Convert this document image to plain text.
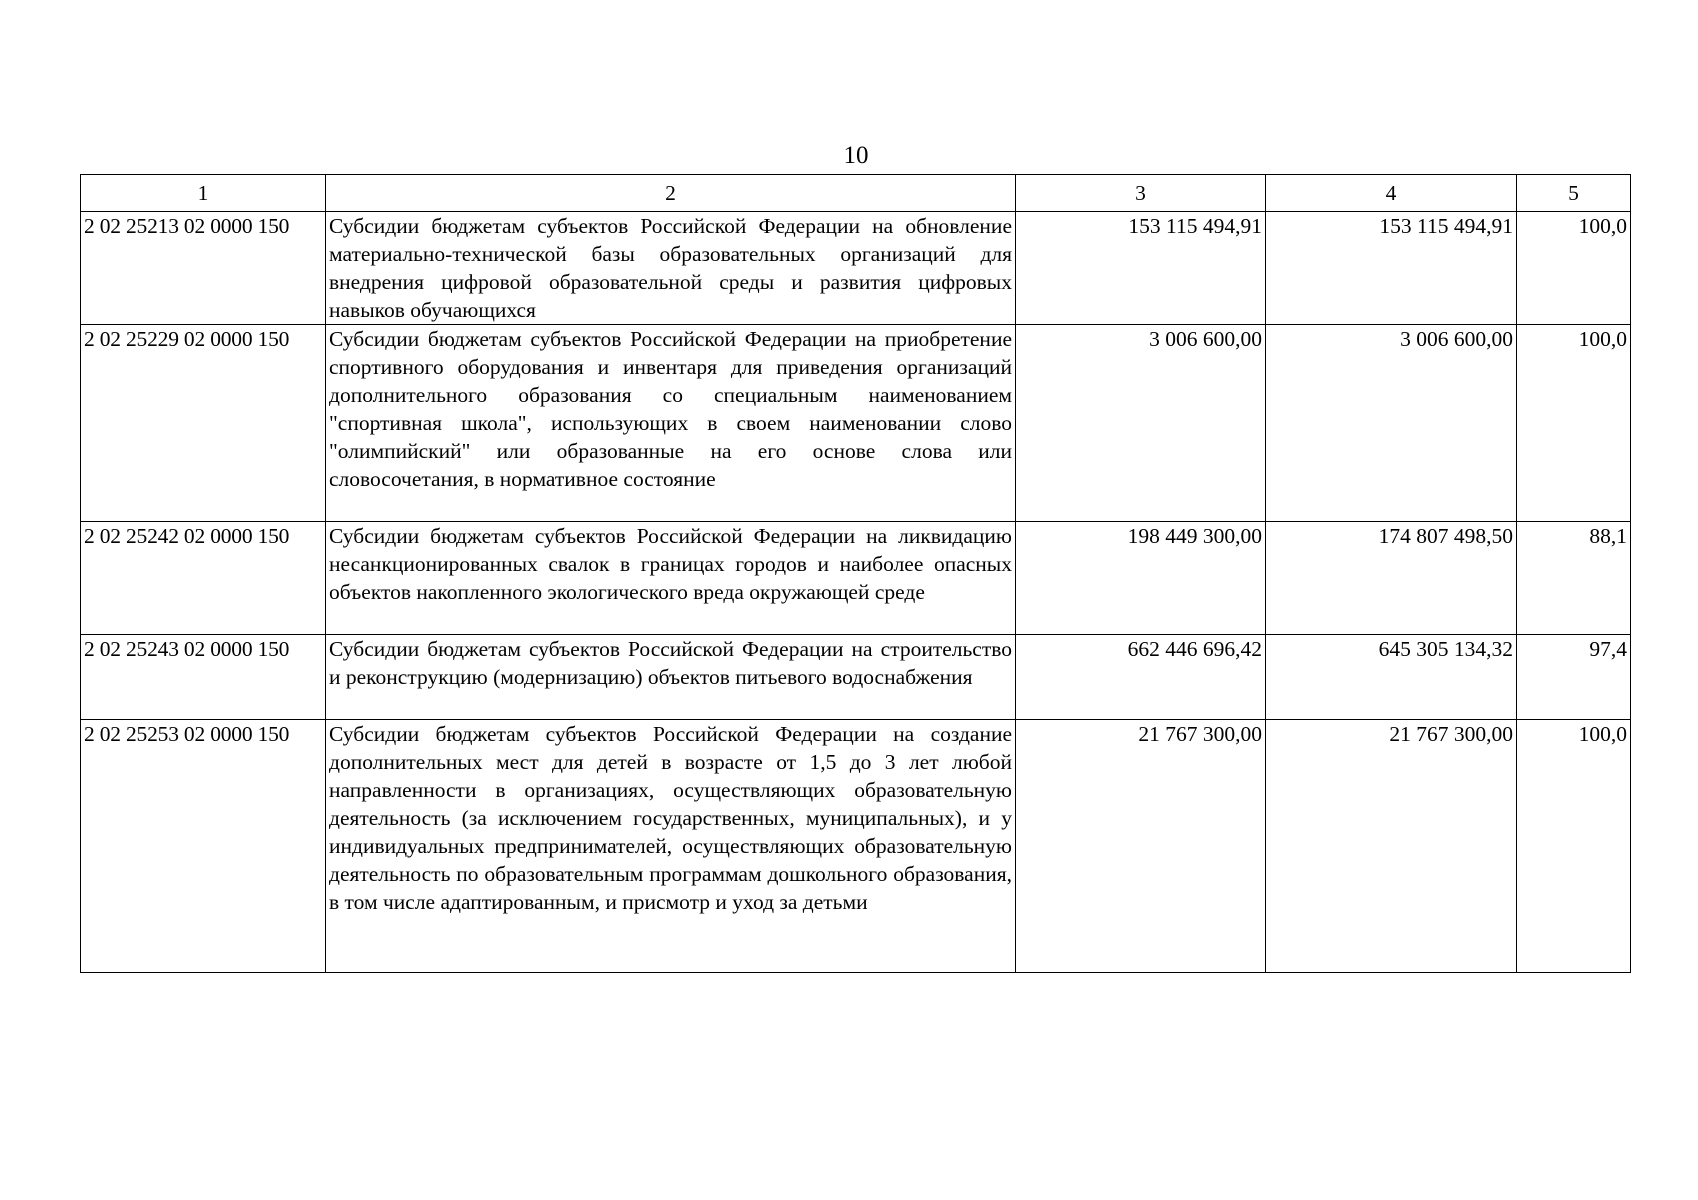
10
1	2	3	4	5
2 02 25213 02 0000 150	Субсидии бюджетам субъектов Российской Федерации на обновление материально-технической базы образовательных организаций для внедрения цифровой образовательной среды и развития цифровых навыков обучающихся	153 115 494,91	153 115 494,91	100,0
2 02 25229 02 0000 150	Субсидии бюджетам субъектов Российской Федерации на приобретение спортивного оборудования и инвентаря для приведения организаций дополнительного образования со специальным наименованием "спортивная школа", использующих в своем наименовании слово "олимпийский" или образованные на его основе слова или словосочетания, в нормативное состояние	3 006 600,00	3 006 600,00	100,0
2 02 25242 02 0000 150	Субсидии бюджетам субъектов Российской Федерации на ликвидацию несанкционированных свалок в границах городов и наиболее опасных объектов накопленного экологического вреда окружающей среде	198 449 300,00	174 807 498,50	88,1
2 02 25243 02 0000 150	Субсидии бюджетам субъектов Российской Федерации на строительство и реконструкцию (модернизацию) объектов питьевого водоснабжения	662 446 696,42	645 305 134,32	97,4
2 02 25253 02 0000 150	Субсидии бюджетам субъектов Российской Федерации на создание дополнительных мест для детей в возрасте от 1,5 до 3 лет любой направленности в организациях, осуществляющих образовательную деятельность (за исключением государственных, муниципальных), и у индивидуальных предпринимателей, осуществляющих образовательную деятельность по образовательным программам дошкольного образования, в том числе адаптированным, и присмотр и уход за детьми	21 767 300,00	21 767 300,00	100,0
